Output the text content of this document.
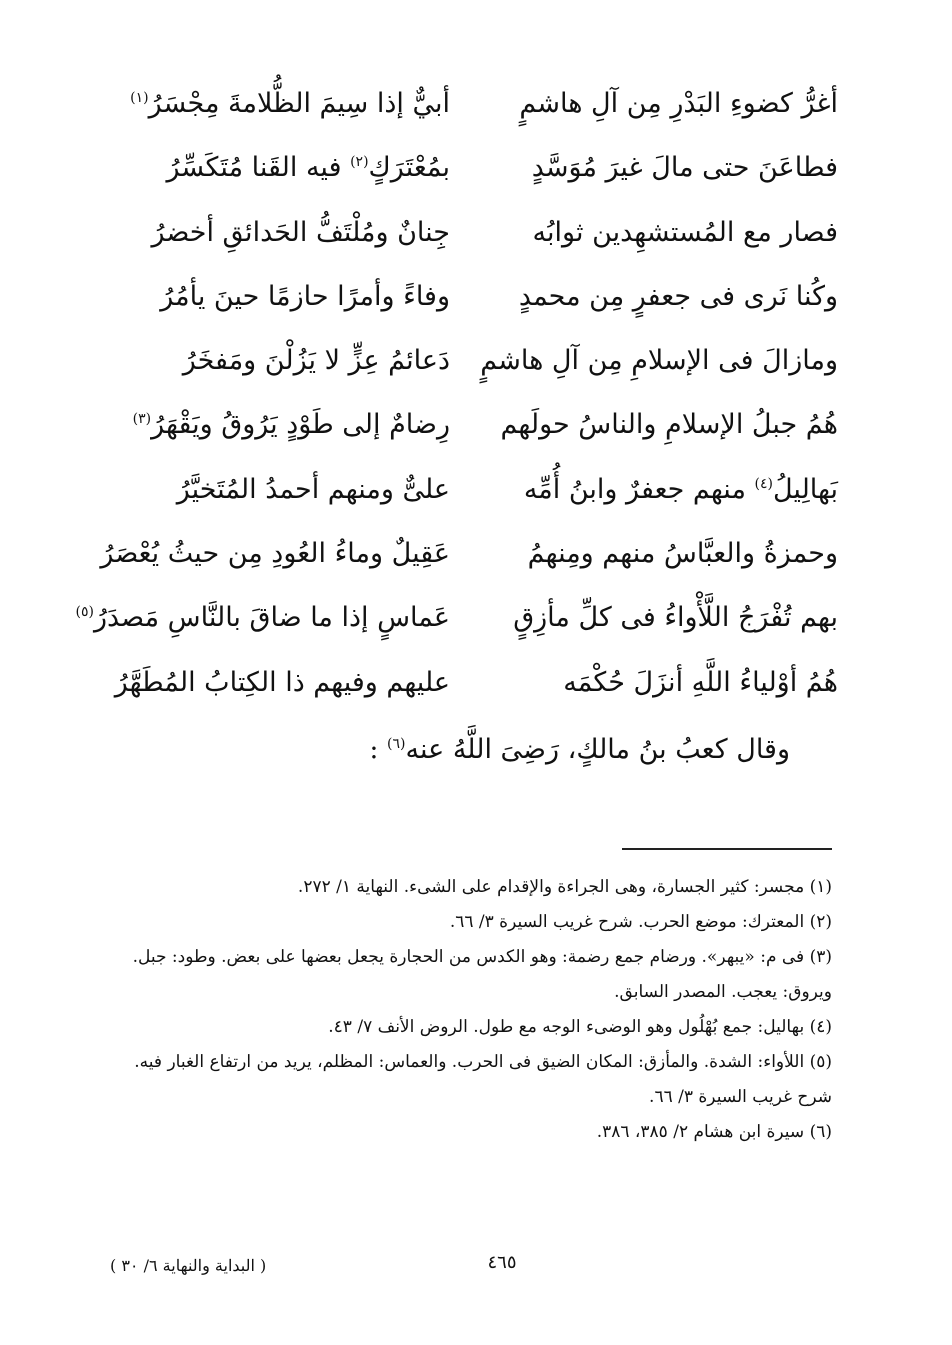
أغرُّ كضوءِ البَدْرِ مِن آلِ هاشمٍ
أبيٌّ إذا سِيمَ الظُّلامةَ مِجْسَرُ$^{(١)}$
فطاعَنَ حتى مالَ غيرَ مُوَسَّدٍ
بمُعْتَرَكٍ$^{(٢)}$ فيه القَنا مُتَكَسِّرُ
فصار مع المُستشهِدين ثوابُه
جِنانٌ ومُلْتَفُّ الحَدائقِ أخضرُ
وكُنا نَرى فى جعفرٍ مِن محمدٍ
وفاءً وأمرًا حازمًا حينَ يأمُرُ
ومازالَ فى الإسلامِ مِن آلِ هاشمٍ
دَعائمُ عِزٍّ لا يَزُلْنَ ومَفخَرُ
هُمُ جبلُ الإسلامِ والناسُ حولَهم
رِضامٌ إلى طَوْدٍ يَرُوقُ ويَقْهَرُ$^{(٣)}$
بَهالِيلُ$^{(٤)}$ منهم جعفرٌ وابنُ أُمِّه
علىٌّ ومنهم أحمدُ المُتَخيَّرُ
وحمزةُ والعبَّاسُ منهم ومِنهمُ
عَقِيلٌ وماءُ العُودِ مِن حيثُ يُعْصَرُ
بهم تُفْرَجُ اللَّأْواءُ فى كلِّ مأزِقٍ
عَماسٍ إذا ما ضاقَ بالنَّاسِ مَصدَرُ$^{(٥)}$
هُمُ أوْلياءُ اللَّهِ أنزَلَ حُكْمَه
عليهم وفيهم ذا الكِتابُ المُطَهَّرُ
وقال كعبُ بنُ مالكٍ، رَضِىَ اللَّهُ عنه$^{(٦)}$ :

(١) مجسر: كثير الجسارة، وهى الجراءة والإقدام على الشىء. النهاية ١/ ٢٧٢.

(٢) المعترك: موضع الحرب. شرح غريب السيرة ٣/ ٦٦.

(٣) فى م: «يبهر». ورضام جمع رضمة: وهو الكدس من الحجارة يجعل بعضها على بعض. وطود: جبل. ويروق: يعجب. المصدر السابق.

(٤) بهاليل: جمع بُهْلُول وهو الوضىء الوجه مع طول. الروض الأنف ٧/ ٤٣.

(٥) اللأواء: الشدة. والمأزق: المكان الضيق فى الحرب. والعماس: المظلم، يريد من ارتفاع الغبار فيه. شرح غريب السيرة ٣/ ٦٦.

(٦) سيرة ابن هشام ٢/ ٣٨٥، ٣٨٦.

٤٦٥
( البداية والنهاية ٦/ ٣٠ )
